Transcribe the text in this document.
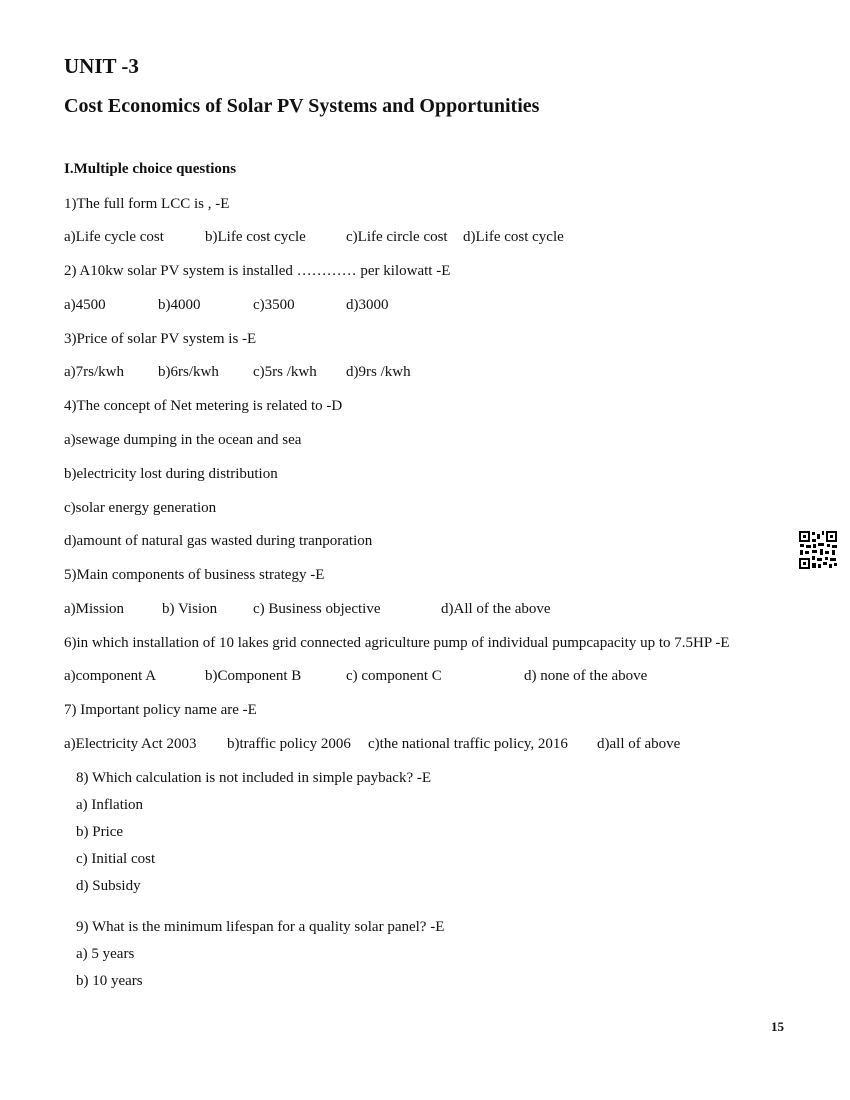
UNIT -3
Cost Economics of Solar PV Systems and Opportunities
I.Multiple choice questions
1)The full form LCC is , -E
a)Life cycle cost	b)Life cost cycle	c)Life circle cost d)Life cost cycle
2) A10kw solar PV system is installed ………… per kilowatt -E
a)4500	b)4000	c)3500	d)3000
3)Price of solar PV system is -E
a)7rs/kwh b)6rs/kwh c)5rs /kwh d)9rs /kwh
4)The concept of Net metering is related to -D
a)sewage dumping in the ocean and sea
b)electricity lost during distribution
c)solar energy generation
d)amount of natural gas wasted during tranporation
5)Main components of business strategy -E
a)Mission	b) Vision c) Business objective	d)All of the above
6)in which installation of 10 lakes grid connected agriculture pump of individual pumpcapacity up to 7.5HP -E
a)component A	b)Component B	c) component C	d) none of the above
7) Important policy name are -E
a)Electricity Act 2003 b)traffic policy 2006 c)the national traffic policy, 2016 d)all of above
8) Which calculation is not included in simple payback? -E
a) Inflation
b) Price
c) Initial cost
d) Subsidy
9) What is the minimum lifespan for a quality solar panel? -E
a) 5 years
b) 10 years
15
